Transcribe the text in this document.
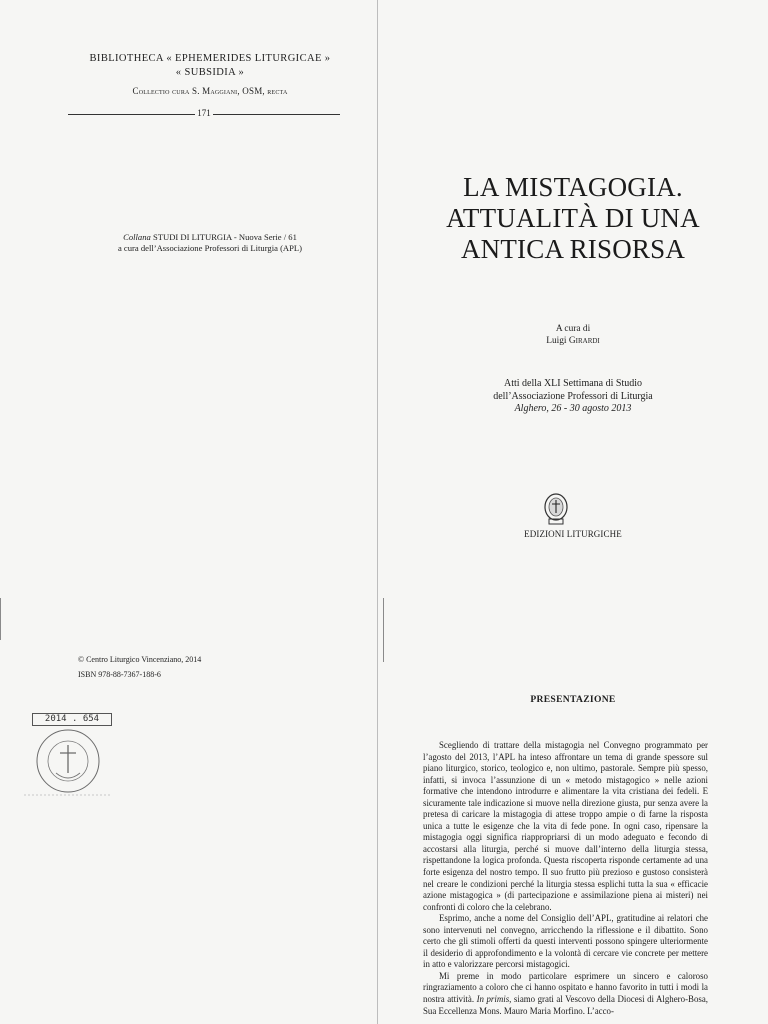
BIBLIOTHECA « EPHEMERIDES LITURGICAE »
« SUBSIDIA »
Collectio cura S. Maggiani, OSM, recta
171
Collana STUDI DI LITURGIA - Nuova Serie / 61
a cura dell’Associazione Professori di Liturgia (APL)
© Centro Liturgico Vincenziano, 2014
ISBN 978-88-7367-188-6
2014 . 654
LA MISTAGOGIA.
ATTUALITÀ DI UNA
ANTICA RISORSA
A cura di
Luigi Girardi
Atti della XLI Settimana di Studio
dell’Associazione Professori di Liturgia
Alghero, 26 - 30 agosto 2013
EDIZIONI LITURGICHE
PRESENTAZIONE

Scegliendo di trattare della mistagogia nel Convegno programmato per l’agosto del 2013, l’APL ha inteso affrontare un tema di grande spessore sul piano liturgico, storico, teologico e, non ultimo, pastorale. Sempre più spesso, infatti, si invoca l’assunzione di un « metodo mistagogico » nelle azioni formative che intendono introdurre e alimentare la vita cristiana dei fedeli. E sicuramente tale indicazione si muove nella direzione giusta, pur senza avere la pretesa di caricare la mistagogia di attese troppo ampie o di farne la risposta unica a tutte le esigenze che la vita di fede pone. In ogni caso, ripensare la mistagogia oggi significa riappropriarsi di un modo adeguato e fecondo di accostarsi alla liturgia, perché si muove dall’interno della liturgia stessa, rispettandone la logica profonda. Questa riscoperta risponde certamente ad una forte esigenza del nostro tempo. Il suo frutto più prezioso e gustoso consisterà nel creare le condizioni perché la liturgia stessa esplichi tutta la sua « efficacie azione mistagogica » (di partecipazione e assimilazione piena ai misteri) nei confronti di coloro che la celebrano.

Esprimo, anche a nome del Consiglio dell’APL, gratitudine ai relatori che sono intervenuti nel convegno, arricchendo la riflessione e il dibattito. Sono certo che gli stimoli offerti da questi interventi possono spingere ulteriormente il desiderio di approfondimento e la volontà di cercare vie concrete per mettere in atto e valorizzare percorsi mistagogici.

Mi preme in modo particolare esprimere un sincero e caloroso ringraziamento a coloro che ci hanno ospitato e hanno favorito in tutti i modi la nostra attività. In primis, siamo grati al Vescovo della Diocesi di Alghero-Bosa, Sua Eccellenza Mons. Mauro Maria Morfino. L’acco-
